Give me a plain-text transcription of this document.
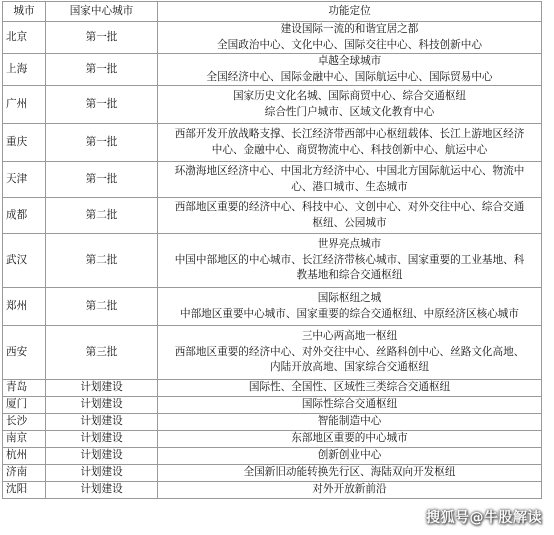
城市	国家中心城市	功能定位
北京	第一批	建设国际一流的和谐宜居之都
全国政治中心、文化中心、国际交往中心、科技创新中心

上海	第一批	卓越全球城市
全国经济中心、国际金融中心、国际航运中心、国际贸易中心

广州	第一批	国家历史文化名城、国际商贸中心、综合交通枢纽
综合性门户城市、区域文化教育中心

重庆	第一批	西部开发开放战略支撑、长江经济带西部中心枢纽载体、长江上游地区经济
中心、金融中心、商贸物流中心、科技创新中心、航运中心

天津	第一批	环渤海地区经济中心、中国北方经济中心、中国北方国际航运中心、物流中
心、港口城市、生态城市

成都	第二批	西部地区重要的经济中心、科技中心、文创中心、对外交往中心、综合交通
枢纽、公园城市

武汉	第二批	世界亮点城市
中国中部地区的中心城市、长江经济带核心城市、国家重要的工业基地、科
教基地和综合交通枢纽

郑州	第二批	国际枢纽之城
中部地区重要中心城市、国家重要的综合交通枢纽、中原经济区核心城市

西安	第三批	三中心两高地一枢纽
西部地区重要的经济中心、对外交往中心、丝路科创中心、丝路文化高地、
内陆开放高地、国家综合交通枢纽

青岛	计划建设	国际性、全国性、区域性三类综合交通枢纽

厦门	计划建设	国际性综合交通枢纽

长沙	计划建设	智能制造中心

南京	计划建设	东部地区重要的中心城市

杭州	计划建设	创新创业中心

济南	计划建设	全国新旧动能转换先行区、海陆双向开发枢纽

沈阳	计划建设	对外开放新前沿
搜狐号@牛股解读
